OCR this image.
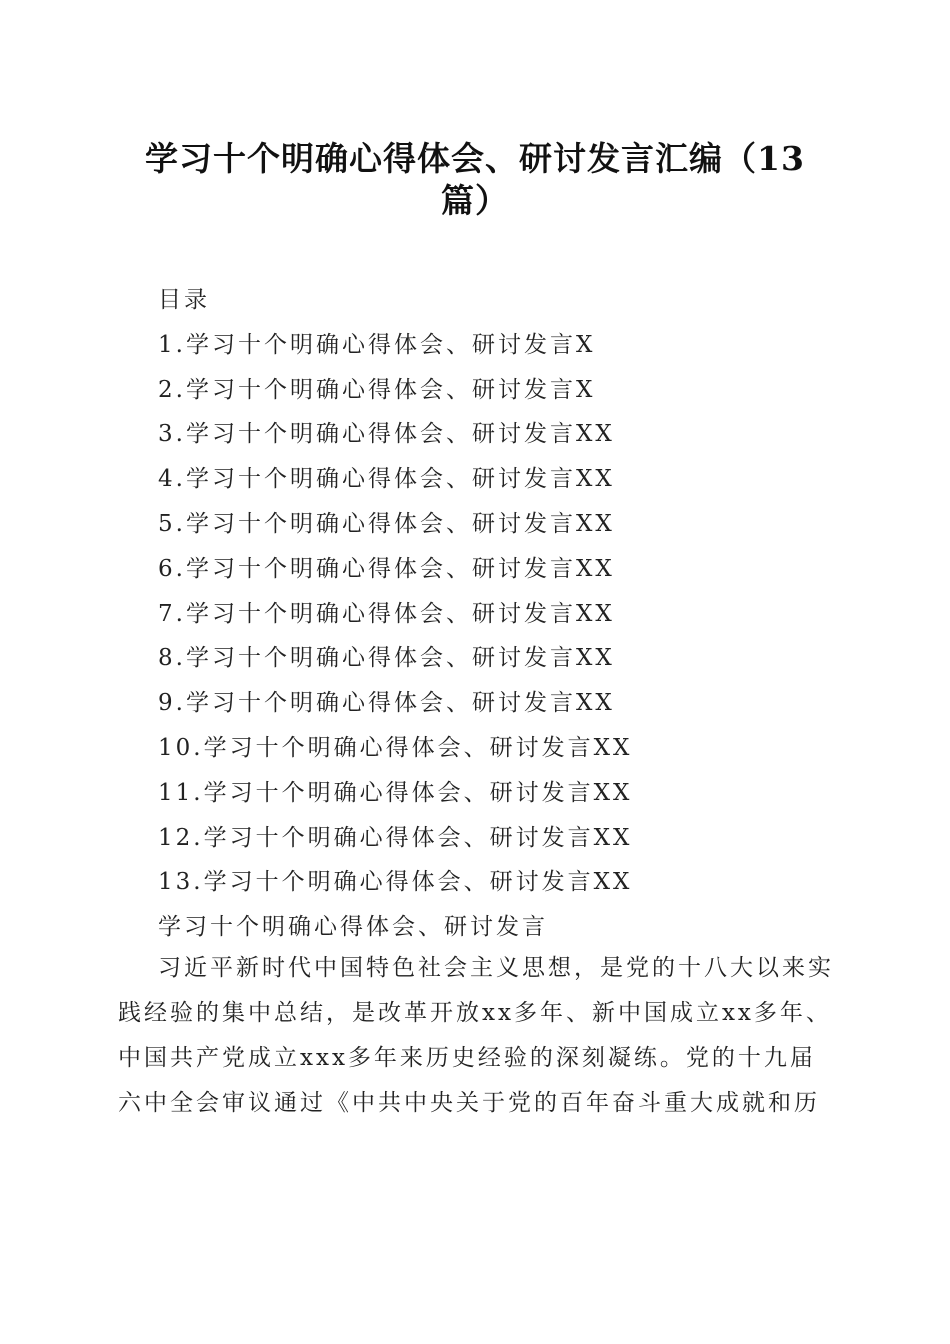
学习十个明确心得体会、研讨发言汇编（13
篇）
目录
1.学习十个明确心得体会、研讨发言X
2.学习十个明确心得体会、研讨发言X
3.学习十个明确心得体会、研讨发言XX
4.学习十个明确心得体会、研讨发言XX
5.学习十个明确心得体会、研讨发言XX
6.学习十个明确心得体会、研讨发言XX
7.学习十个明确心得体会、研讨发言XX
8.学习十个明确心得体会、研讨发言XX
9.学习十个明确心得体会、研讨发言XX
10.学习十个明确心得体会、研讨发言XX
11.学习十个明确心得体会、研讨发言XX
12.学习十个明确心得体会、研讨发言XX
13.学习十个明确心得体会、研讨发言XX
学习十个明确心得体会、研讨发言
习近平新时代中国特色社会主义思想，是党的十八大以来实
践经验的集中总结，是改革开放xx多年、新中国成立xx多年、
中国共产党成立xxx多年来历史经验的深刻凝练。党的十九届
六中全会审议通过《中共中央关于党的百年奋斗重大成就和历
